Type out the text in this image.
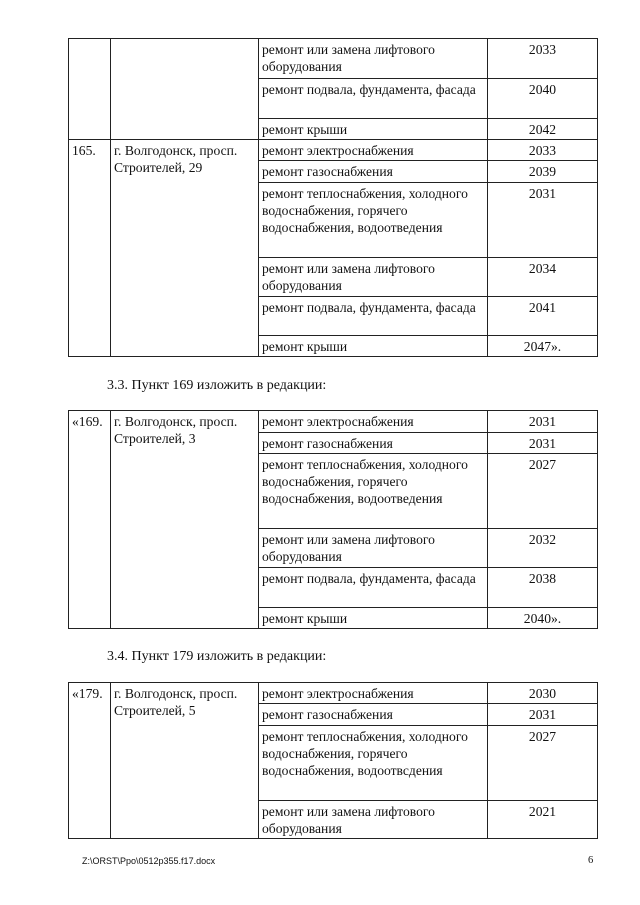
		ремонт или замена лифтового оборудования	2033
		ремонт подвала, фундамента, фасада	2040
		ремонт крыши	2042
165.	г. Волгодонск, просп. Строителей, 29	ремонт электроснабжения	2033
		ремонт газоснабжения	2039
		ремонт теплоснабжения, холодного водоснабжения, горячего водоснабжения, водоотведения	2031
		ремонт или замена лифтового оборудования	2034
		ремонт подвала, фундамента, фасада	2041
		ремонт крыши	2047».
3.3. Пункт 169 изложить в редакции:
«169.	г. Волгодонск, просп. Строителей, 3	ремонт электроснабжения	2031
		ремонт газоснабжения	2031
		ремонт теплоснабжения, холодного водоснабжения, горячего водоснабжения, водоотведения	2027
		ремонт или замена лифтового оборудования	2032
		ремонт подвала, фундамента, фасада	2038
		ремонт крыши	2040».
3.4. Пункт 179 изложить в редакции:
«179.	г. Волгодонск, просп. Строителей, 5	ремонт электроснабжения	2030
		ремонт газоснабжения	2031
		ремонт теплоснабжения, холодного водоснабжения, горячего водоснабжения, водоотвсдения	2027
		ремонт или замена лифтового оборудования	2021
Z:\ORST\Ppo\0512p355.f17.docx	6
